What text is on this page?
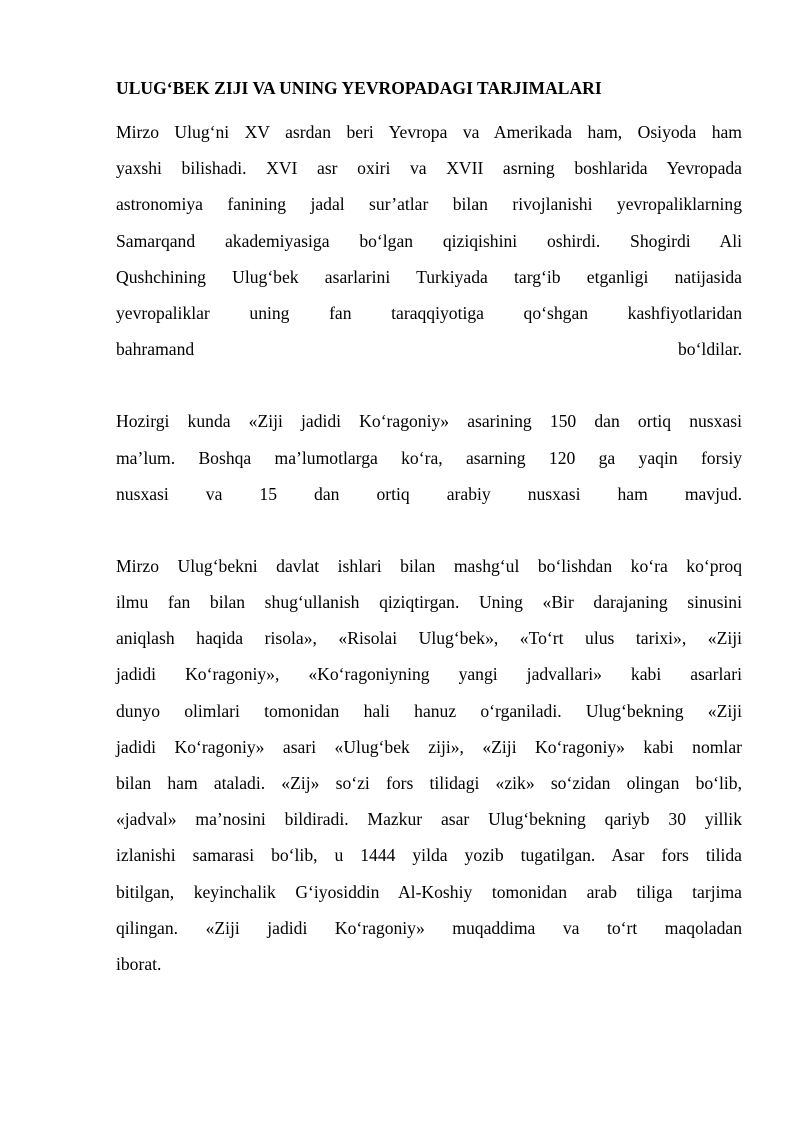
ULUG‘BEK ZIJI VA UNING YEVROPADAGI TARJIMALARI
Mirzo Ulug‘ni XV asrdan beri Yevropa va Amerikada ham, Osiyoda ham
yaxshi bilishadi. XVI asr oxiri va XVII asrning boshlarida Yevropada
astronomiya fanining jadal sur’atlar bilan rivojlanishi yevropaliklarning
Samarqand akademiyasiga bo‘lgan qiziqishini oshirdi. Shogirdi Ali
Qushchining Ulug‘bek asarlarini Turkiyada targ‘ib etganligi natijasida
yevropaliklar uning fan taraqqiyotiga qo‘shgan kashfiyotlaridan
bahramand bo‘ldilar.
Hozirgi kunda «Ziji jadidi Ko‘ragoniy» asarining 150 dan ortiq nusxasi
ma’lum. Boshqa ma’lumotlarga ko‘ra, asarning 120 ga yaqin forsiy
nusxasi va 15 dan ortiq arabiy nusxasi ham mavjud.
Mirzo Ulug‘bekni davlat ishlari bilan mashg‘ul bo‘lishdan ko‘ra ko‘proq
ilmu fan bilan shug‘ullanish qiziqtirgan. Uning «Bir darajaning sinusini
aniqlash haqida risola», «Risolai Ulug‘bek», «To‘rt ulus tarixi», «Ziji
jadidi Ko‘ragoniy», «Ko‘ragoniyning yangi jadvallari» kabi asarlari
dunyo olimlari tomonidan hali hanuz o‘rganiladi. Ulug‘bekning «Ziji
jadidi Ko‘ragoniy» asari «Ulug‘bek ziji», «Ziji Ko‘ragoniy» kabi nomlar
bilan ham ataladi. «Zij» so‘zi fors tilidagi «zik» so‘zidan olingan bo‘lib,
«jadval» ma’nosini bildiradi. Mazkur asar Ulug‘bekning qariyb 30 yillik
izlanishi samarasi bo‘lib, u 1444 yilda yozib tugatilgan. Asar fors tilida
bitilgan, keyinchalik G‘iyosiddin Al-Koshiy tomonidan arab tiliga tarjima
qilingan. «Ziji jadidi Ko‘ragoniy» muqaddima va to‘rt maqoladan
iborat.
